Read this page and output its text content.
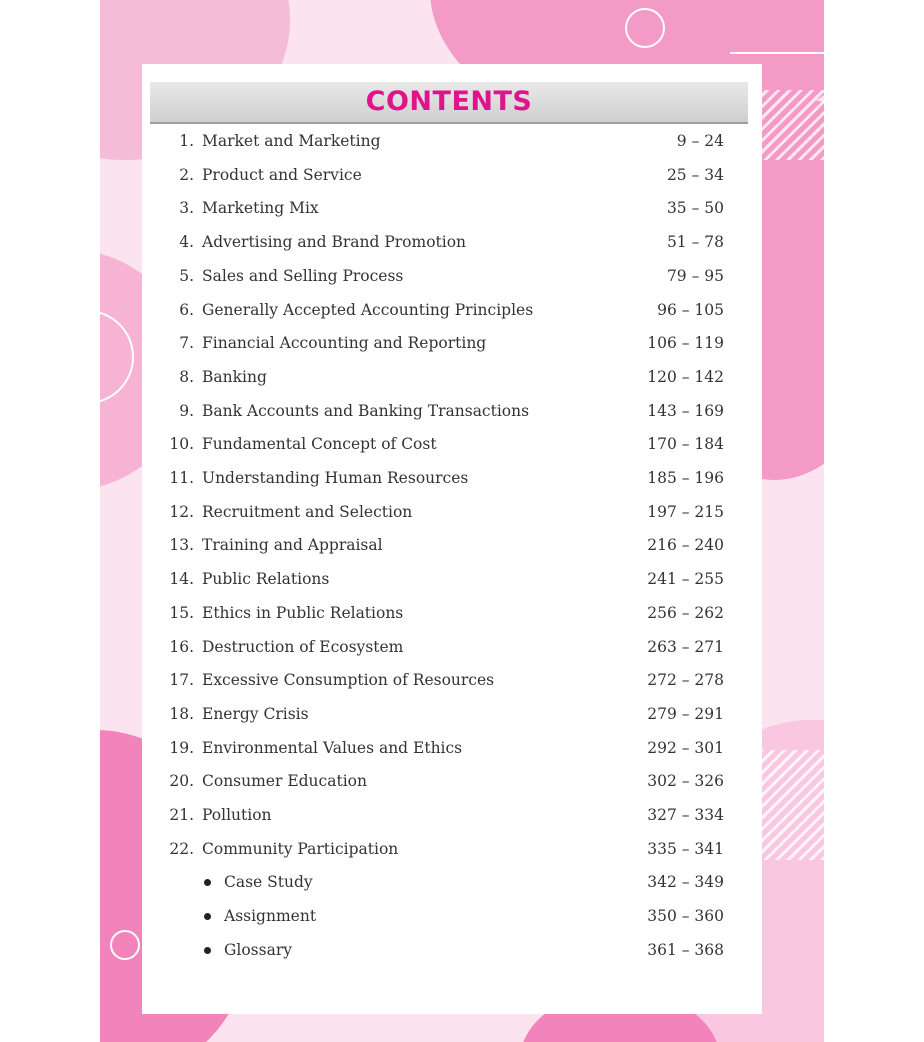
CONTENTS
1. Market and Marketing	9 – 24
2. Product and Service	25 – 34
3. Marketing Mix	35 – 50
4. Advertising and Brand Promotion	51 – 78
5. Sales and Selling Process	79 – 95
6. Generally Accepted Accounting Principles	96 – 105
7. Financial Accounting and Reporting	106 – 119
8. Banking	120 – 142
9. Bank Accounts and Banking Transactions	143 – 169
10. Fundamental Concept of Cost	170 – 184
11. Understanding Human Resources	185 – 196
12. Recruitment and Selection	197 – 215
13. Training and Appraisal	216 – 240
14. Public Relations	241 – 255
15. Ethics in Public Relations	256 – 262
16. Destruction of Ecosystem	263 – 271
17. Excessive Consumption of Resources	272 – 278
18. Energy Crisis	279 – 291
19. Environmental Values and Ethics	292 – 301
20. Consumer Education	302 – 326
21. Pollution	327 – 334
22. Community Participation	335 – 341
Case Study	342 – 349
Assignment	350 – 360
Glossary	361 – 368
